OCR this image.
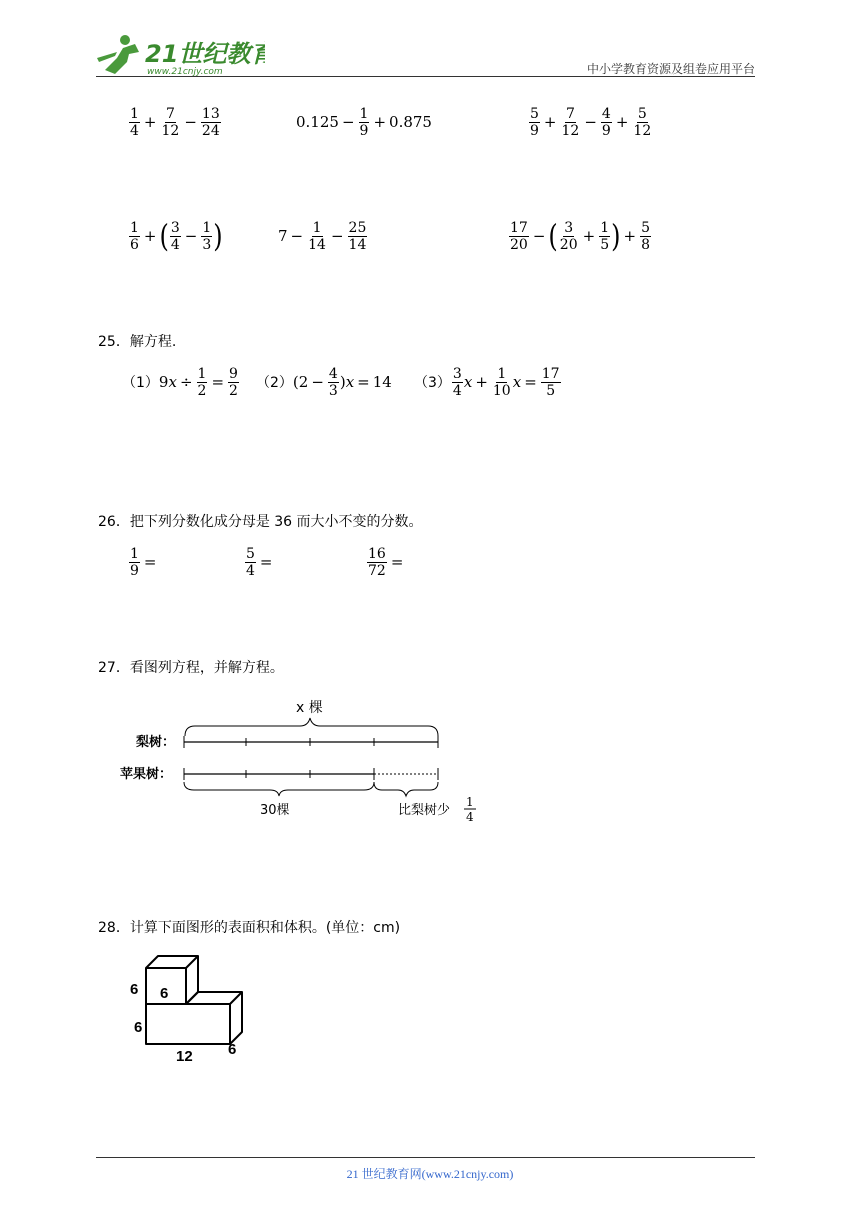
21世纪教育
www.21cnjy.com	中小学教育资源及组卷应用平台
$\frac{1}{4} + \frac{7}{12} - \frac{13}{24}$	$0.125 - \frac{1}{9} + 0.875$	$\frac{5}{9} + \frac{7}{12} - \frac{4}{9} + \frac{5}{12}$
$\frac{1}{6}$ + ( $\frac{3}{4} - \frac{1}{3}$ )	$7 - \frac{1}{14} - \frac{25}{14}$	$\frac{17}{20}$ − ( $\frac{3}{20} + \frac{1}{5}$ ) + $\frac{5}{8}$
25．解方程.
（1） $9x \div \frac{1}{2} = \frac{9}{2} (2) (2 - \frac{4}{3} )x = 14$ $(3) \frac{3}{4}$ $x + \frac{1}{10}$ $x = \frac{17}{5}$
26．把下列分数化成分母是 36 而大小不变的分数。
$\frac{1}{9}$ =	$\frac{5}{4}$ =	$\frac{16}{72}$ =
27．看图列方程，并解方程。
x 棵
梨树：
苹果树：
30棵	比梨树少
1
4
28．计算下面图形的表面积和体积。(单位：cm)
6 6
6
12 6
21 世纪教育网(www.21cnjy.com)
